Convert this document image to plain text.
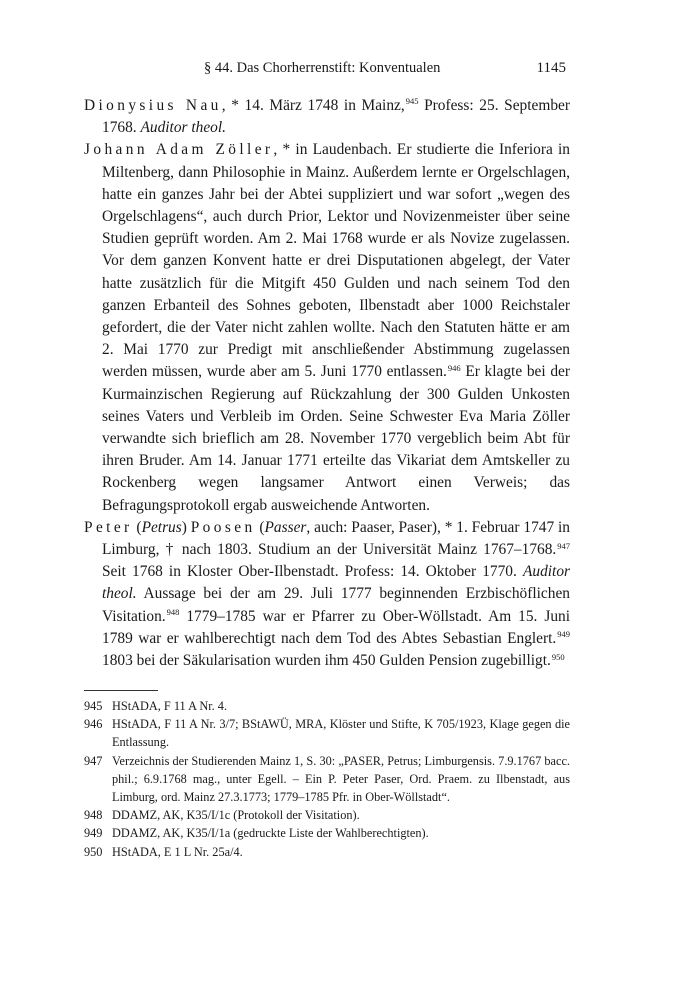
§ 44. Das Chorherrenstift: Konventualen	1145

Dionysius Nau, * 14. März 1748 in Mainz,$^{945}$ Profess: 25. September 1768. Auditor theol.

Johann Adam Zöller, * in Laudenbach. Er studierte die Inferiora in Miltenberg, dann Philosophie in Mainz. Außerdem lernte er Orgelschlagen, hatte ein ganzes Jahr bei der Abtei suppliziert und war sofort „wegen des Orgelschlagens“, auch durch Prior, Lektor und Novizenmeister über seine Studien geprüft worden. Am 2. Mai 1768 wurde er als Novize zugelassen. Vor dem ganzen Konvent hatte er drei Disputationen abgelegt, der Vater hatte zusätzlich für die Mitgift 450 Gulden und nach seinem Tod den ganzen Erbanteil des Sohnes geboten, Ilbenstadt aber 1000 Reichstaler gefordert, die der Vater nicht zahlen wollte. Nach den Statuten hätte er am 2. Mai 1770 zur Predigt mit anschließender Abstimmung zugelassen werden müssen, wurde aber am 5. Juni 1770 entlassen.$^{946}$ Er klagte bei der Kurmainzischen Regierung auf Rückzahlung der 300 Gulden Unkosten seines Vaters und Verbleib im Orden. Seine Schwester Eva Maria Zöller verwandte sich brieflich am 28. November 1770 vergeblich beim Abt für ihren Bruder. Am 14. Januar 1771 erteilte das Vikariat dem Amtskeller zu Rockenberg wegen langsamer Antwort einen Verweis; das Befragungsprotokoll ergab ausweichende Antworten.

Peter (Petrus) Poosen (Passer, auch: Paaser, Paser), * 1. Februar 1747 in Limburg, † nach 1803. Studium an der Universität Mainz 1767–1768.$^{947}$ Seit 1768 in Kloster Ober-Ilbenstadt. Profess: 14. Oktober 1770. Auditor theol. Aussage bei der am 29. Juli 1777 beginnenden Erzbischöflichen Visitation.$^{948}$ 1779–1785 war er Pfarrer zu Ober-Wöllstadt. Am 15. Juni 1789 war er wahlberechtigt nach dem Tod des Abtes Sebastian Englert.$^{949}$ 1803 bei der Säkularisation wurden ihm 450 Gulden Pension zugebilligt.$^{950}$

945 HStADA, F 11 A Nr. 4.
946 HStADA, F 11 A Nr. 3/7; BStAWÜ, MRA, Klöster und Stifte, K 705/1923, Klage gegen die Entlassung.
947 Verzeichnis der Studierenden Mainz 1, S. 30: „PASER, Petrus; Limburgensis. 7.9.1767 bacc. phil.; 6.9.1768 mag., unter Egell. – Ein P. Peter Paser, Ord. Praem. zu Ilbenstadt, aus Limburg, ord. Mainz 27.3.1773; 1779–1785 Pfr. in Ober-Wöllstadt“.
948 DDAMZ, AK, K35/I/1c (Protokoll der Visitation).
949 DDAMZ, AK, K35/I/1a (gedruckte Liste der Wahlberechtigten).
950 HStADA, E 1 L Nr. 25a/4.
